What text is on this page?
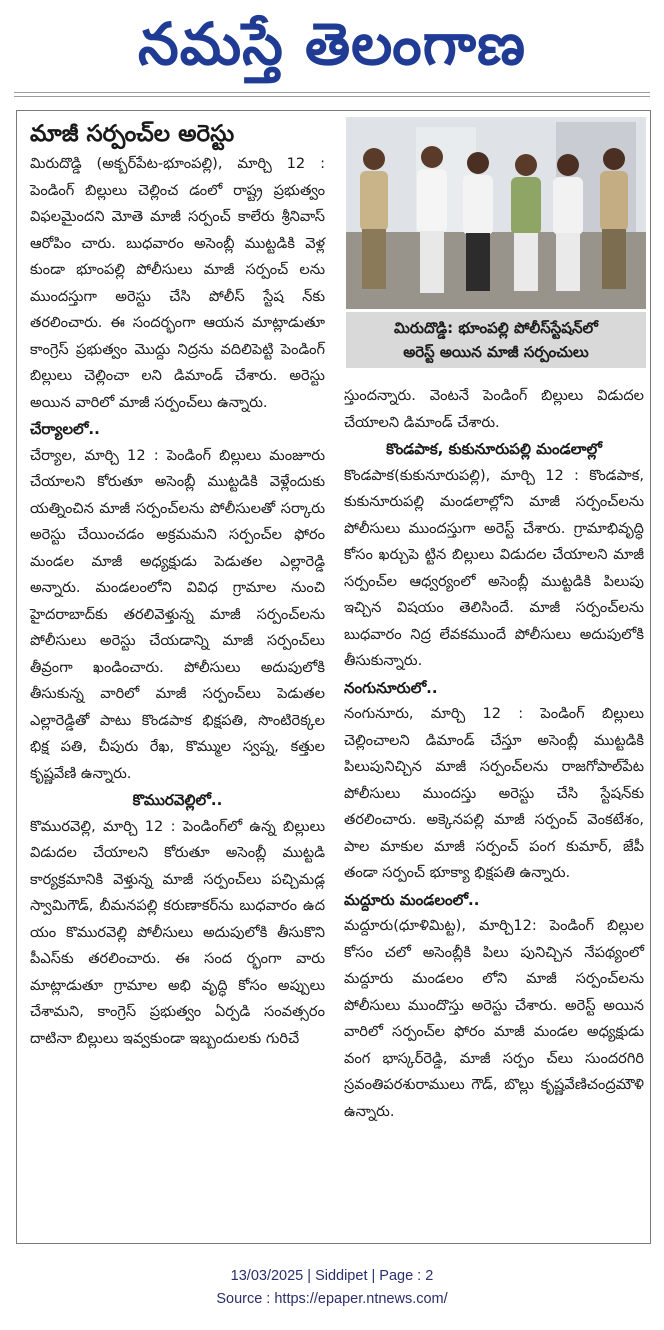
నమస్తే తెలంగాణ
మాజీ సర్పంచ్‌ల అరెస్టు
మిరుదొడ్డి: భూంపల్లి పోలీస్‌స్టేషన్‌లో
అరెస్ట్ అయిన మాజీ సర్పంచులు

మిరుదొడ్డి (అక్బర్‌పేట-భూంపల్లి), మార్చి 12 : పెండింగ్ బిల్లులు చెల్లించ డంలో రాష్ట్ర ప్రభుత్వం విఫలమైందని మోతె మాజీ సర్పంచ్ కాలేరు శ్రీనివాస్ ఆరోపిం చారు. బుధవారం అసెంబ్లీ ముట్టడికి వెళ్ల కుండా భూంపల్లి పోలీసులు మాజీ సర్పంచ్ లను ముందస్తుగా అరెస్టు చేసి పోలీస్ స్టేష న్‌కు తరలించారు. ఈ సందర్భంగా ఆయన మాట్లాడుతూ కాంగ్రెస్ ప్రభుత్వం మొద్దు నిద్రను వదిలిపెట్టి పెండింగ్ బిల్లులు చెల్లించా లని డిమాండ్ చేశారు. అరెస్టు అయిన వారిలో మాజీ సర్పంచ్‌లు ఉన్నారు.

చేర్యాలలో..

చేర్యాల, మార్చి 12 : పెండింగ్ బిల్లులు మంజూరు చేయాలని కోరుతూ అసెంబ్లీ ముట్టడికి వెళ్లేందుకు యత్నించిన మాజీ సర్పంచ్‌లను పోలీసులతో సర్కారు అరెస్టు చేయించడం అక్రమమని సర్పంచ్‌ల ఫోరం మండల మాజీ అధ్యక్షుడు పెడుతల ఎల్లారెడ్డి అన్నారు. మండలంలోని వివిధ గ్రామాల నుంచి హైదరాబాద్‌కు తరలివెళ్తున్న మాజీ సర్పంచ్‌లను పోలీసులు అరెస్టు చేయడాన్ని మాజీ సర్పంచ్‌లు తీవ్రంగా ఖండించారు. పోలీసులు అదుపులోకి తీసుకున్న వారిలో మాజీ సర్పంచ్‌లు పెడుతల ఎల్లారెడ్డితో పాటు కొండపాక భిక్షపతి, సొంటిరెక్కల భిక్ష పతి, చీపురు రేఖ, కొమ్ముల స్వప్న, కత్తుల కృష్ణవేణి ఉన్నారు.

కొమురవెల్లిలో..

కొమురవెల్లి, మార్చి 12 : పెండింగ్‌లో ఉన్న బిల్లులు విడుదల చేయాలని కోరుతూ అసెంబ్లీ ముట్టడి కార్యక్రమానికి వెళ్తున్న మాజీ సర్పంచ్‌లు పచ్చిమడ్ల స్వామిగౌడ్, బీమనపల్లి కరుణాకర్‌ను బుధవారం ఉద యం కొమురవెల్లి పోలీసులు అదుపులోకి తీసుకొని పీఎస్‌కు తరలించారు. ఈ సంద ర్భంగా వారు మాట్లాడుతూ గ్రామాల అభి వృద్ధి కోసం అప్పులు చేశామని, కాంగ్రెస్ ప్రభుత్వం ఏర్పడి సంవత్సరం దాటినా బిల్లులు ఇవ్వకుండా ఇబ్బందులకు గురిచే

స్తుందన్నారు. వెంటనే పెండింగ్ బిల్లులు విడుదల చేయాలని డిమాండ్ చేశారు.

కొండపాక, కుకునూరుపల్లి మండలాల్లో

కొండపాక(కుకునూరుపల్లి), మార్చి 12 : కొండపాక, కుకునూరుపల్లి మండలాల్లోని మాజీ సర్పంచ్‌లను పోలీసులు ముందస్తుగా అరెస్ట్ చేశారు. గ్రామాభివృద్ధి కోసం ఖర్చుపె ట్టిన బిల్లులు విడుదల చేయాలని మాజీ సర్పంచ్‌ల ఆధ్వర్యంలో అసెంబ్లీ ముట్టడికి పిలుపు ఇచ్చిన విషయం తెలిసిందే. మాజీ సర్పంచ్‌లను బుధవారం నిద్ర లేవకముందే పోలీసులు అదుపులోకి తీసుకున్నారు.

నంగునూరులో..

నంగునూరు, మార్చి 12 : పెండింగ్ బిల్లులు చెల్లించాలని డిమాండ్ చేస్తూ అసెంబ్లీ ముట్టడికి పిలుపునిచ్చిన మాజీ సర్పంచ్‌లను రాజగోపాల్‌పేట పోలీసులు ముందస్తు అరెస్టు చేసి స్టేషన్‌కు తరలించారు. అక్కెనపల్లి మాజీ సర్పంచ్ వెంకటేశం, పాల మాకుల మాజీ సర్పంచ్ పంగ కుమార్, జేపీ తండా సర్పంచ్ భూక్యా భిక్షపతి ఉన్నారు.

మద్దూరు మండలంలో..

మద్దూరు(ధూళిమిట్ట), మార్చి12: పెండింగ్ బిల్లుల కోసం చలో అసెంబ్లీకి పిలు పునిచ్చిన నేపథ్యంలో మద్దూరు మండలం లోని మాజీ సర్పంచ్‌లను పోలీసులు ముందొస్తు అరెస్టు చేశారు. అరెస్ట్ అయిన వారిలో సర్పంచ్‌ల ఫోరం మాజీ మండల అధ్యక్షుడు వంగ భాస్కర్‌రెడ్డి, మాజీ సర్పం చ్‌లు సుందరగిరి స్రవంతిపరశురాములు గౌడ్, బొల్లు కృష్ణవేణిచంద్రమౌళి ఉన్నారు.

13/03/2025 | Siddipet | Page : 2
Source : https://epaper.ntnews.com/
